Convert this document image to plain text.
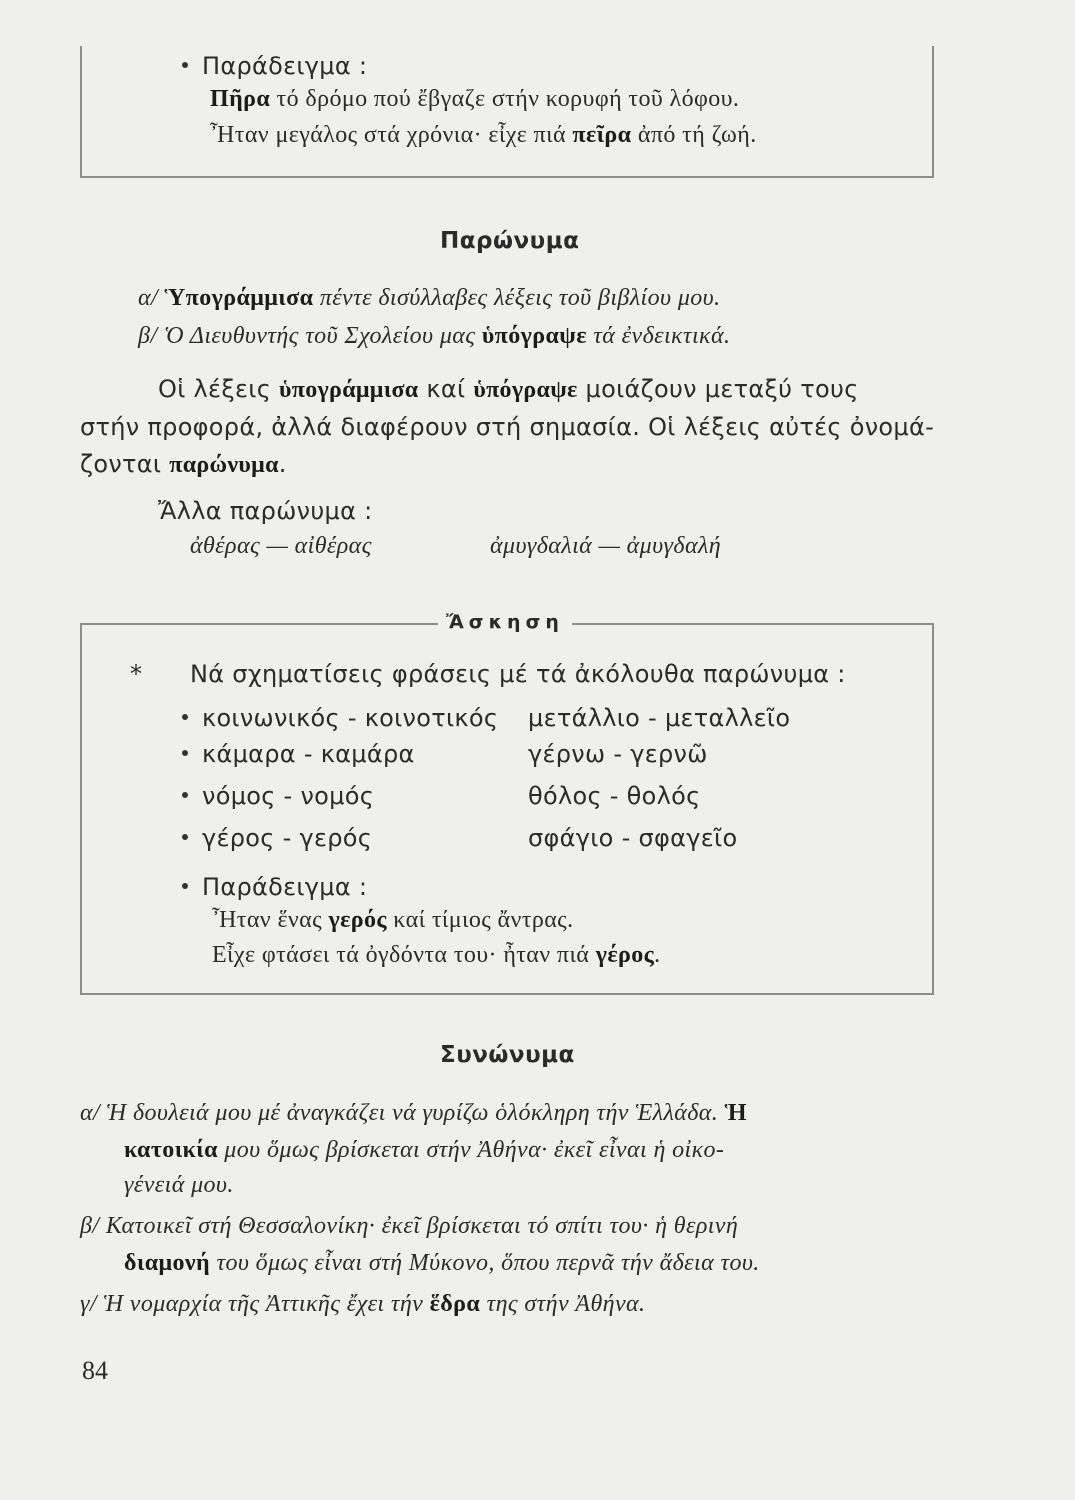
Παράδειγμα :
Πῆρα τό δρόμο πού ἔβγαζε στήν κορυφή τοῦ λόφου.
Ἦταν μεγάλος στά χρόνια· εἶχε πιά πεῖρα ἀπό τή ζωή.
Παρώνυμα
α/ Ὑπογράμμισα πέντε δισύλλαβες λέξεις τοῦ βιβλίου μου.
β/ Ὁ Διευθυντής τοῦ Σχολείου μας ὑπόγραψε τά ἐνδεικτικά.
Οἱ λέξεις ὑπογράμμισα καί ὑπόγραψε μοιάζουν μεταξύ τους
στήν προφορά, ἀλλά διαφέρουν στή σημασία. Οἱ λέξεις αὐτές ὀνομά-
ζονται παρώνυμα.
Ἄλλα παρώνυμα :
ἀθέρας — αἰθέρας	ἀμυγδαλιά — ἀμυγδαλή
Ἄσκηση
* Νά σχηματίσεις φράσεις μέ τά ἀκόλουθα παρώνυμα :
κοινωνικός - κοινοτικός
κάμαρα - καμάρα
νόμος - νομός
γέρος - γερός
μετάλλιο - μεταλλεῖο
γέρνω - γερνῶ
θόλος - θολός
σφάγιο - σφαγεῖο
Παράδειγμα :
Ἦταν ἕνας γερός καί τίμιος ἄντρας.
Εἶχε φτάσει τά ὀγδόντα του· ἦταν πιά γέρος.
Συνώνυμα
α/ Ἡ δουλειά μου μέ ἀναγκάζει νά γυρίζω ὁλόκληρη τήν Ἑλλάδα. Ἡ
κατοικία μου ὅμως βρίσκεται στήν Ἀθήνα· ἐκεῖ εἶναι ἡ οἰκο-
γένειά μου.
β/ Κατοικεῖ στή Θεσσαλονίκη· ἐκεῖ βρίσκεται τό σπίτι του· ἡ θερινή
διαμονή του ὅμως εἶναι στή Μύκονο, ὅπου περνᾶ τήν ἄδεια του.
γ/ Ἡ νομαρχία τῆς Ἀττικῆς ἔχει τήν ἕδρα της στήν Ἀθήνα.
84
